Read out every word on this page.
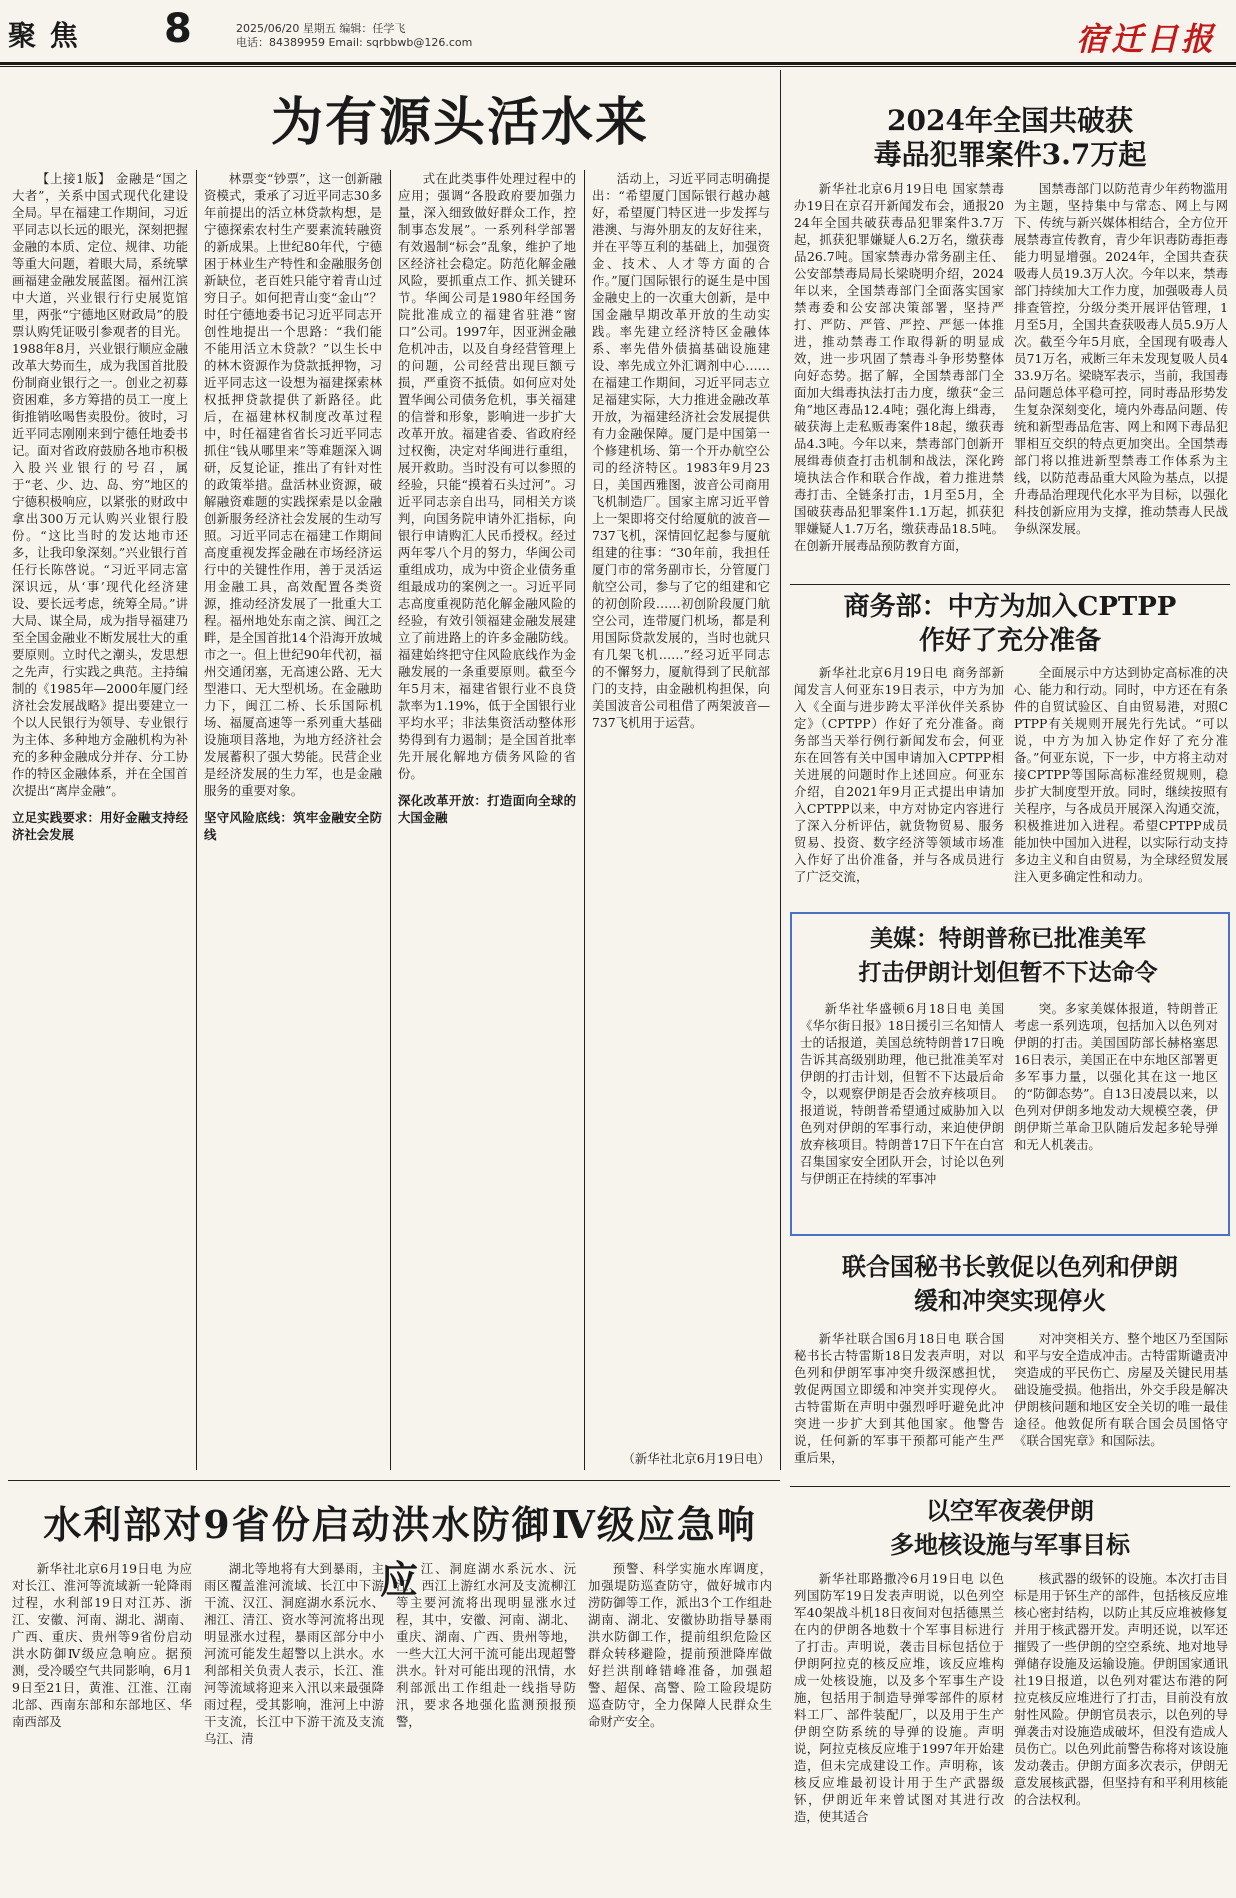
聚 焦 8	2025/06/20 星期五 编辑：任学飞
电话：84389959 Email: sqrbbwb@126.com	宿迁日报
为有源头活水来

【上接1版】 金融是“国之大者”，关系中国式现代化建设全局。早在福建工作期间，习近平同志以长远的眼光，深刻把握金融的本质、定位、规律、功能等重大问题，着眼大局，系统擘画福建金融发展蓝图。福州江滨中大道，兴业银行行史展览馆里，两张“宁德地区财政局”的股票认购凭证吸引参观者的目光。1988年8月，兴业银行顺应金融改革大势而生，成为我国首批股份制商业银行之一。创业之初募资困难，多方筹措的员工一度上街推销吆喝售卖股份。彼时，习近平同志刚刚来到宁德任地委书记。面对省政府鼓励各地市积极入股兴业银行的号召，属于“老、少、边、岛、穷”地区的宁德积极响应，以紧张的财政中拿出300万元认购兴业银行股份。“这比当时的发达地市还多，让我印象深刻。”兴业银行首任行长陈啓说。“习近平同志富深识远，从‘事’现代化经济建设、要长远考虑，统筹全局。”讲大局、谋全局，成为指导福建乃至全国金融业不断发展壮大的重要原则。立时代之潮头，发思想之先声，行实践之典范。主持编制的《1985年—2000年厦门经济社会发展战略》提出要建立一个以人民银行为领导、专业银行为主体、多种地方金融机构为补充的多种金融成分并存、分工协作的特区金融体系，并在全国首次提出“离岸金融”。

立足实践要求：用好金融支持经济社会发展

林票变“钞票”，这一创新融资模式，秉承了习近平同志30多年前提出的活立林贷款构想，是宁德探索农村生产要素流转融资的新成果。上世纪80年代，宁德困于林业生产特性和金融服务创新缺位，老百姓只能守着青山过穷日子。如何把青山变“金山”？时任宁德地委书记习近平同志开创性地提出一个思路：“我们能不能用活立木贷款？”以生长中的林木资源作为贷款抵押物，习近平同志这一设想为福建探索林权抵押贷款提供了新路径。此后，在福建林权制度改革过程中，时任福建省省长习近平同志抓住“钱从哪里来”等难题深入调研，反复论证，推出了有针对性的政策举措。盘活林业资源，破解融资难题的实践探索是以金融创新服务经济社会发展的生动写照。习近平同志在福建工作期间高度重视发挥金融在市场经济运行中的关键性作用，善于灵活运用金融工具，高效配置各类资源，推动经济发展了一批重大工程。福州地处东南之滨、闽江之畔，是全国首批14个沿海开放城市之一。但上世纪90年代初，福州交通闭塞，无高速公路、无大型港口、无大型机场。在金融助力下，闽江二桥、长乐国际机场、福厦高速等一系列重大基础设施项目落地，为地方经济社会发展蓄积了强大势能。民营企业是经济发展的生力军，也是金融服务的重要对象。

坚守风险底线：筑牢金融安全防线

式在此类事件处理过程中的应用；强调“各股政府要加强力量，深入细致做好群众工作，控制事态发展”。一系列科学部署有效遏制“标会”乱象，维护了地区经济社会稳定。防范化解金融风险，要抓重点工作、抓关键环节。华闽公司是1980年经国务院批准成立的福建省驻港“窗口”公司。1997年，因亚洲金融危机冲击，以及自身经营管理上的问题，公司经营出现巨额亏损，严重资不抵债。如何应对处置华闽公司债务危机，事关福建的信誉和形象，影响进一步扩大改革开放。福建省委、省政府经过权衡，决定对华闽进行重组，展开救助。当时没有可以参照的经验，只能“摸着石头过河”。习近平同志亲自出马，同相关方谈判，向国务院申请外汇指标，向银行申请购汇人民币授权。经过两年零八个月的努力，华闽公司重组成功，成为中资企业债务重组最成功的案例之一。习近平同志高度重视防范化解金融风险的经验，有效引领福建金融发展建立了前进路上的许多金融防线。福建始终把守住风险底线作为金融发展的一条重要原则。截至今年5月末，福建省银行业不良贷款率为1.19%，低于全国银行业平均水平；非法集资活动整体形势得到有力遏制；是全国首批率先开展化解地方债务风险的省份。

深化改革开放：打造面向全球的大国金融

活动上，习近平同志明确提出：“希望厦门国际银行越办越好，希望厦门特区进一步发挥与港澳、与海外朋友的友好往来，并在平等互利的基础上，加强资金、技术、人才等方面的合作。”厦门国际银行的诞生是中国金融史上的一次重大创新，是中国金融早期改革开放的生动实践。率先建立经济特区金融体系、率先借外债搞基础设施建设、率先成立外汇调剂中心……在福建工作期间，习近平同志立足福建实际，大力推进金融改革开放，为福建经济社会发展提供有力金融保障。厦门是中国第一个修建机场、第一个开办航空公司的经济特区。1983年9月23日，美国西雅图，波音公司商用飞机制造厂。国家主席习近平曾上一架即将交付给厦航的波音—737飞机，深情回忆起参与厦航组建的往事：“30年前，我担任厦门市的常务副市长，分管厦门航空公司，参与了它的组建和它的初创阶段……初创阶段厦门航空公司，连带厦门机场，都是利用国际贷款发展的，当时也就只有几架飞机……”经习近平同志的不懈努力，厦航得到了民航部门的支持，由金融机构担保，向美国波音公司租借了两架波音—737飞机用于运营。

（新华社北京6月19日电）
2024年全国共破获
毒品犯罪案件3.7万起

新华社北京6月19日电 国家禁毒办19日在京召开新闻发布会，通报2024年全国共破获毒品犯罪案件3.7万起，抓获犯罪嫌疑人6.2万名，缴获毒品26.7吨。国家禁毒办常务副主任、公安部禁毒局局长梁晓明介绍，2024年以来，全国禁毒部门全面落实国家禁毒委和公安部决策部署，坚持严打、严防、严管、严控、严惩一体推进，推动禁毒工作取得新的明显成效，进一步巩固了禁毒斗争形势整体向好态势。据了解，全国禁毒部门全面加大缉毒执法打击力度，缴获“金三角”地区毒品12.4吨；强化海上缉毒，破获海上走私贩毒案件18起，缴获毒品4.3吨。今年以来，禁毒部门创新开展缉毒侦查打击机制和战法，深化跨境执法合作和联合作战，着力推进禁毒打击、全链条打击，1月至5月，全国破获毒品犯罪案件1.1万起，抓获犯罪嫌疑人1.7万名，缴获毒品18.5吨。在创新开展毒品预防教育方面，

国禁毒部门以防范青少年药物滥用为主题，坚持集中与常态、网上与网下、传统与新兴媒体相结合，全方位开展禁毒宣传教育，青少年识毒防毒拒毒能力明显增强。2024年，全国共查获吸毒人员19.3万人次。今年以来，禁毒部门持续加大工作力度，加强吸毒人员排查管控，分级分类开展评估管理，1月至5月，全国共查获吸毒人员5.9万人次。截至今年5月底，全国现有吸毒人员71万名，戒断三年未发现复吸人员433.9万名。梁晓军表示，当前，我国毒品问题总体平稳可控，同时毒品形势发生复杂深刻变化，境内外毒品问题、传统和新型毒品危害、网上和网下毒品犯罪相互交织的特点更加突出。全国禁毒部门将以推进新型禁毒工作体系为主线，以防范毒品重大风险为基点，以提升毒品治理现代化水平为目标，以强化科技创新应用为支撑，推动禁毒人民战争纵深发展。

商务部：中方为加入CPTPP
作好了充分准备

新华社北京6月19日电 商务部新闻发言人何亚东19日表示，中方为加入《全面与进步跨太平洋伙伴关系协定》（CPTPP）作好了充分准备。商务部当天举行例行新闻发布会，何亚东在回答有关中国申请加入CPTPP相关进展的问题时作上述回应。何亚东介绍，自2021年9月正式提出申请加入CPTPP以来，中方对协定内容进行了深入分析评估，就货物贸易、服务贸易、投资、数字经济等领域市场准入作好了出价准备，并与各成员进行了广泛交流，

全面展示中方达到协定高标准的决心、能力和行动。同时，中方还在有条件的自贸试验区、自由贸易港，对照CPTPP有关规则开展先行先试。“可以说，中方为加入协定作好了充分准备。”何亚东说，下一步，中方将主动对接CPTPP等国际高标准经贸规则，稳步扩大制度型开放。同时，继续按照有关程序，与各成员开展深入沟通交流，积极推进加入进程。希望CPTPP成员能加快中国加入进程，以实际行动支持多边主义和自由贸易，为全球经贸发展注入更多确定性和动力。

美媒：特朗普称已批准美军
打击伊朗计划但暂不下达命令

新华社华盛顿6月18日电 美国《华尔街日报》18日援引三名知情人士的话报道，美国总统特朗普17日晚告诉其高级别助理，他已批准美军对伊朗的打击计划，但暂不下达最后命令，以观察伊朗是否会放弃核项目。报道说，特朗普希望通过威胁加入以色列对伊朗的军事行动，来迫使伊朗放弃核项目。特朗普17日下午在白宫召集国家安全团队开会，讨论以色列与伊朗正在持续的军事冲

突。多家美媒体报道，特朗普正考虑一系列选项，包括加入以色列对伊朗的打击。美国国防部长赫格塞思16日表示，美国正在中东地区部署更多军事力量，以强化其在这一地区的“防御态势”。自13日凌晨以来，以色列对伊朗多地发动大规模空袭，伊朗伊斯兰革命卫队随后发起多轮导弹和无人机袭击。

联合国秘书长敦促以色列和伊朗
缓和冲突实现停火

新华社联合国6月18日电 联合国秘书长古特雷斯18日发表声明，对以色列和伊朗军事冲突升级深感担忧，敦促两国立即缓和冲突并实现停火。古特雷斯在声明中强烈呼吁避免此冲突进一步扩大到其他国家。他警告说，任何新的军事干预都可能产生严重后果，

对冲突相关方、整个地区乃至国际和平与安全造成冲击。古特雷斯谴责冲突造成的平民伤亡、房屋及关键民用基础设施受损。他指出，外交手段是解决伊朗核问题和地区安全关切的唯一最佳途径。他敦促所有联合国会员国恪守《联合国宪章》和国际法。

以空军夜袭伊朗
多地核设施与军事目标

新华社耶路撒冷6月19日电 以色列国防军19日发表声明说，以色列空军40架战斗机18日夜间对包括德黑兰在内的伊朗各地数十个军事目标进行了打击。声明说，袭击目标包括位于伊朗阿拉克的核反应堆，该反应堆构成一处核设施，以及多个军事生产设施，包括用于制造导弹零部件的原材料工厂、部件装配厂，以及用于生产伊朗空防系统的导弹的设施。声明说，阿拉克核反应堆于1997年开始建造，但未完成建设工作。声明称，该核反应堆最初设计用于生产武器级钚，伊朗近年来曾试图对其进行改造，使其适合

核武器的级钚的设施。本次打击目标是用于钚生产的部件，包括核反应堆核心密封结构，以防止其反应堆被修复并用于核武器开发。声明还说，以军还摧毁了一些伊朗的空空系统、地对地导弹储存设施及运输设施。伊朗国家通讯社19日报道，以色列对霍达布港的阿拉克核反应堆进行了打击，目前没有放射性风险。伊朗官员表示，以色列的导弹袭击对设施造成破坏，但没有造成人员伤亡。以色列此前警告称将对该设施发动袭击。伊朗方面多次表示，伊朗无意发展核武器，但坚持有和平利用核能的合法权利。

水利部对9省份启动洪水防御Ⅳ级应急响应

新华社北京6月19日电 为应对长江、淮河等流域新一轮降雨过程，水利部19日对江苏、浙江、安徽、河南、湖北、湖南、广西、重庆、贵州等9省份启动洪水防御Ⅳ级应急响应。据预测，受冷暖空气共同影响，6月19日至21日，黄淮、江淮、江南北部、西南东部和东部地区、华南西部及

湖北等地将有大到暴雨，主雨区覆盖淮河流域、长江中下游干流、汉江、洞庭湖水系沅水、湘江、清江、资水等河流将出现明显涨水过程，暴雨区部分中小河流可能发生超警以上洪水。水利部相关负责人表示，长江、淮河等流域将迎来入汛以来最强降雨过程，受其影响，淮河上中游干支流，长江中下游干流及支流乌江、清

江、洞庭湖水系沅水、沅江、西江上游红水河及支流柳江等主要河流将出现明显涨水过程，其中，安徽、河南、湖北、重庆、湖南、广西、贵州等地，一些大江大河干流可能出现超警洪水。针对可能出现的汛情，水利部派出工作组赴一线指导防汛，要求各地强化监测预报预警，

预警、科学实施水库调度，加强堤防巡查防守，做好城市内涝防御等工作，派出3个工作组赴湖南、湖北、安徽协助指导暴雨洪水防御工作，提前组织危险区群众转移避险，提前预泄降库做好拦洪削峰错峰准备，加强超警、超保、高警、险工险段堤防巡查防守，全力保障人民群众生命财产安全。
